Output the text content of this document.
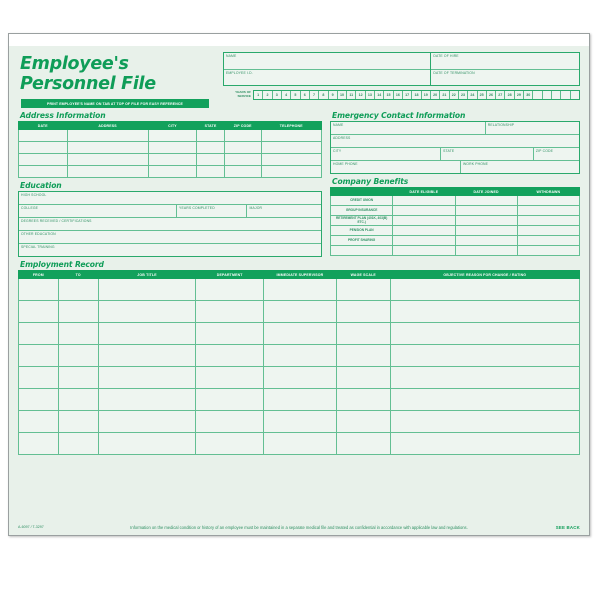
Employee's Personnel File
PRINT EMPLOYEE'S NAME ON TAB AT TOP OF FILE FOR EASY REFERENCE
NAME
EMPLOYEE I.D.
DATE OF HIRE
DATE OF TERMINATION
YEARS OF
SERVICE	1	2	3	4	5	6	7	8	9	10	11	12	13	14	15	16	17	18	19	20	21	22	23	24	25	26	27	28	29	30
Address Information
DATE	ADDRESS	CITY	STATE	ZIP CODE	TELEPHONE

Education
HIGH SCHOOL
COLLEGE	YEARS COMPLETED	MAJOR
DEGREES RECEIVED / CERTIFICATIONS
OTHER EDUCATION
SPECIAL TRAINING
Emergency Contact Information
NAME	RELATIONSHIP
ADDRESS
CITY	STATE	ZIP CODE
HOME PHONE	WORK PHONE
Company Benefits
	DATE ELIGIBLE	DATE JOINED	WITHDRAWN
CREDIT UNION			
GROUP INSURANCE			
RETIREMENT PLAN (401K, 403(B) ETC.)			
PENSION PLAN			
PROFIT SHARING			

Employment Record
FROM	TO	JOB TITLE	DEPARTMENT	IMMEDIATE SUPERVISOR	WAGE SCALE	OBJECTIVE REASON FOR CHANGE / RATING

A-6097 / T-3297	Information on the medical condition or history of an employee must be maintained in a separate medical file and treated as confidential in accordance with applicable law and regulations.	SEE BACK
